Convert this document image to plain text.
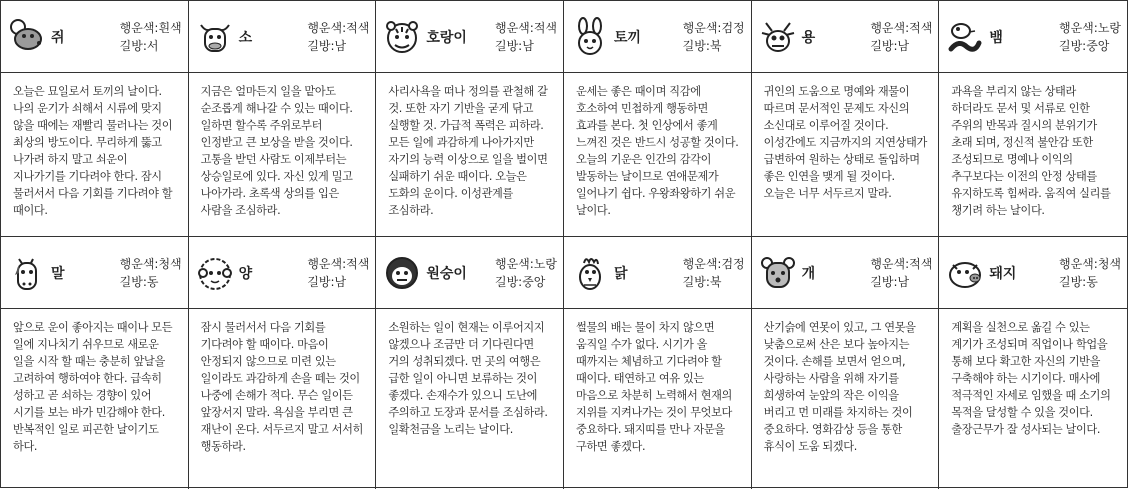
쥐
행운색:흰색
길방:서	소
행운색:적색
길방:남	호랑이
행운색:적색
길방:남	토끼
행운색:검정
길방:북	용
행운색:적색
길방:남	뱀
행운색:노랑
길방:중앙
오늘은 묘일로서 토끼의 날이다. 나의 운기가 쇠해서 시류에 맞지 않을 때에는 재빨리 물러나는 것이 최상의 방도이다. 무리하게 뚫고 나가려 하지 말고 쇠운이 지나가기를 기다려야 한다. 잠시 물러서서 다음 기회를 기다려야 할 때이다.
지금은 얼마든지 일을 맡아도 순조롭게 해나갈 수 있는 때이다. 일하면 할수록 주위로부터 인정받고 큰 보상을 받을 것이다. 고통을 받던 사람도 이제부터는 상승일로에 있다. 자신 있게 밀고 나아가라. 초록색 상의를 입은 사람을 조심하라.
사리사욕을 떠나 정의를 관철해 갈 것. 또한 자기 기반을 굳게 닦고 실행할 것. 가급적 폭력은 피하라. 모든 일에 과감하게 나아가지만 자기의 능력 이상으로 일을 벌이면 실패하기 쉬운 때이다. 오늘은 도화의 운이다. 이성관계를 조심하라.
운세는 좋은 때이며 직감에 호소하여 민첩하게 행동하면 효과를 본다. 첫 인상에서 좋게 느껴진 것은 반드시 성공할 것이다. 오늘의 기운은 인간의 감각이 발동하는 날이므로 연애문제가 일어나기 쉽다. 우왕좌왕하기 쉬운 날이다.
귀인의 도움으로 명예와 재물이 따르며 문서적인 문제도 자신의 소신대로 이루어질 것이다. 이성간에도 지금까지의 지연상태가 급변하여 원하는 상태로 돌입하며 좋은 인연을 맺게 될 것이다. 오늘은 너무 서두르지 말라.
과욕을 부리지 않는 상태라 하더라도 문서 및 서류로 인한 주위의 반목과 질시의 분위기가 초래 되며, 정신적 불안감 또한 조성되므로 명예나 이익의 추구보다는 이전의 안정 상태를 유지하도록 힘써라. 움직여 실리를 챙기려 하는 날이다.
말
행운색:청색
길방:동	양
행운색:적색
길방:남	원숭이
행운색:노랑
길방:중앙	닭
행운색:검정
길방:북	개
행운색:적색
길방:남	돼지
행운색:청색
길방:동
앞으로 운이 좋아지는 때이나 모든 일에 지나치기 쉬우므로 새로운 일을 시작 할 때는 충분히 앞날을 고려하여 행하여야 한다. 급속히 성하고 곧 쇠하는 경향이 있어 시기를 보는 바가 민감해야 한다. 반복적인 일로 피곤한 날이기도 하다.
잠시 물러서서 다음 기회를 기다려야 할 때이다. 마음이 안정되지 않으므로 미련 있는 일이라도 과감하게 손을 떼는 것이 나중에 손해가 적다. 무슨 일이든 앞장서지 말라. 욕심을 부리면 큰 재난이 온다. 서두르지 말고 서서히 행동하라.
소원하는 일이 현재는 이루어지지 않겠으나 조금만 더 기다린다면 거의 성취되겠다. 먼 곳의 여행은 급한 일이 아니면 보류하는 것이 좋겠다. 손재수가 있으니 도난에 주의하고 도장과 문서를 조심하라. 일확천금을 노리는 날이다.
썰물의 배는 물이 차지 않으면 움직일 수가 없다. 시기가 올 때까지는 체념하고 기다려야 할 때이다. 태연하고 여유 있는 마음으로 차분히 노력해서 현재의 지위를 지켜나가는 것이 무엇보다 중요하다. 돼지띠를 만나 자문을 구하면 좋겠다.
산기슭에 연못이 있고, 그 연못을 낮춤으로써 산은 보다 높아지는 것이다. 손해를 보면서 얻으며, 사랑하는 사람을 위해 자기를 희생하여 눈앞의 작은 이익을 버리고 먼 미래를 차지하는 것이 중요하다. 영화감상 등을 통한 휴식이 도움 되겠다.
계획을 실천으로 옮길 수 있는 계기가 조성되며 직업이나 학업을 통해 보다 확고한 자신의 기반을 구축해야 하는 시기이다. 매사에 적극적인 자세로 임했을 때 소기의 목적을 달성할 수 있을 것이다. 출장근무가 잘 성사되는 날이다.
